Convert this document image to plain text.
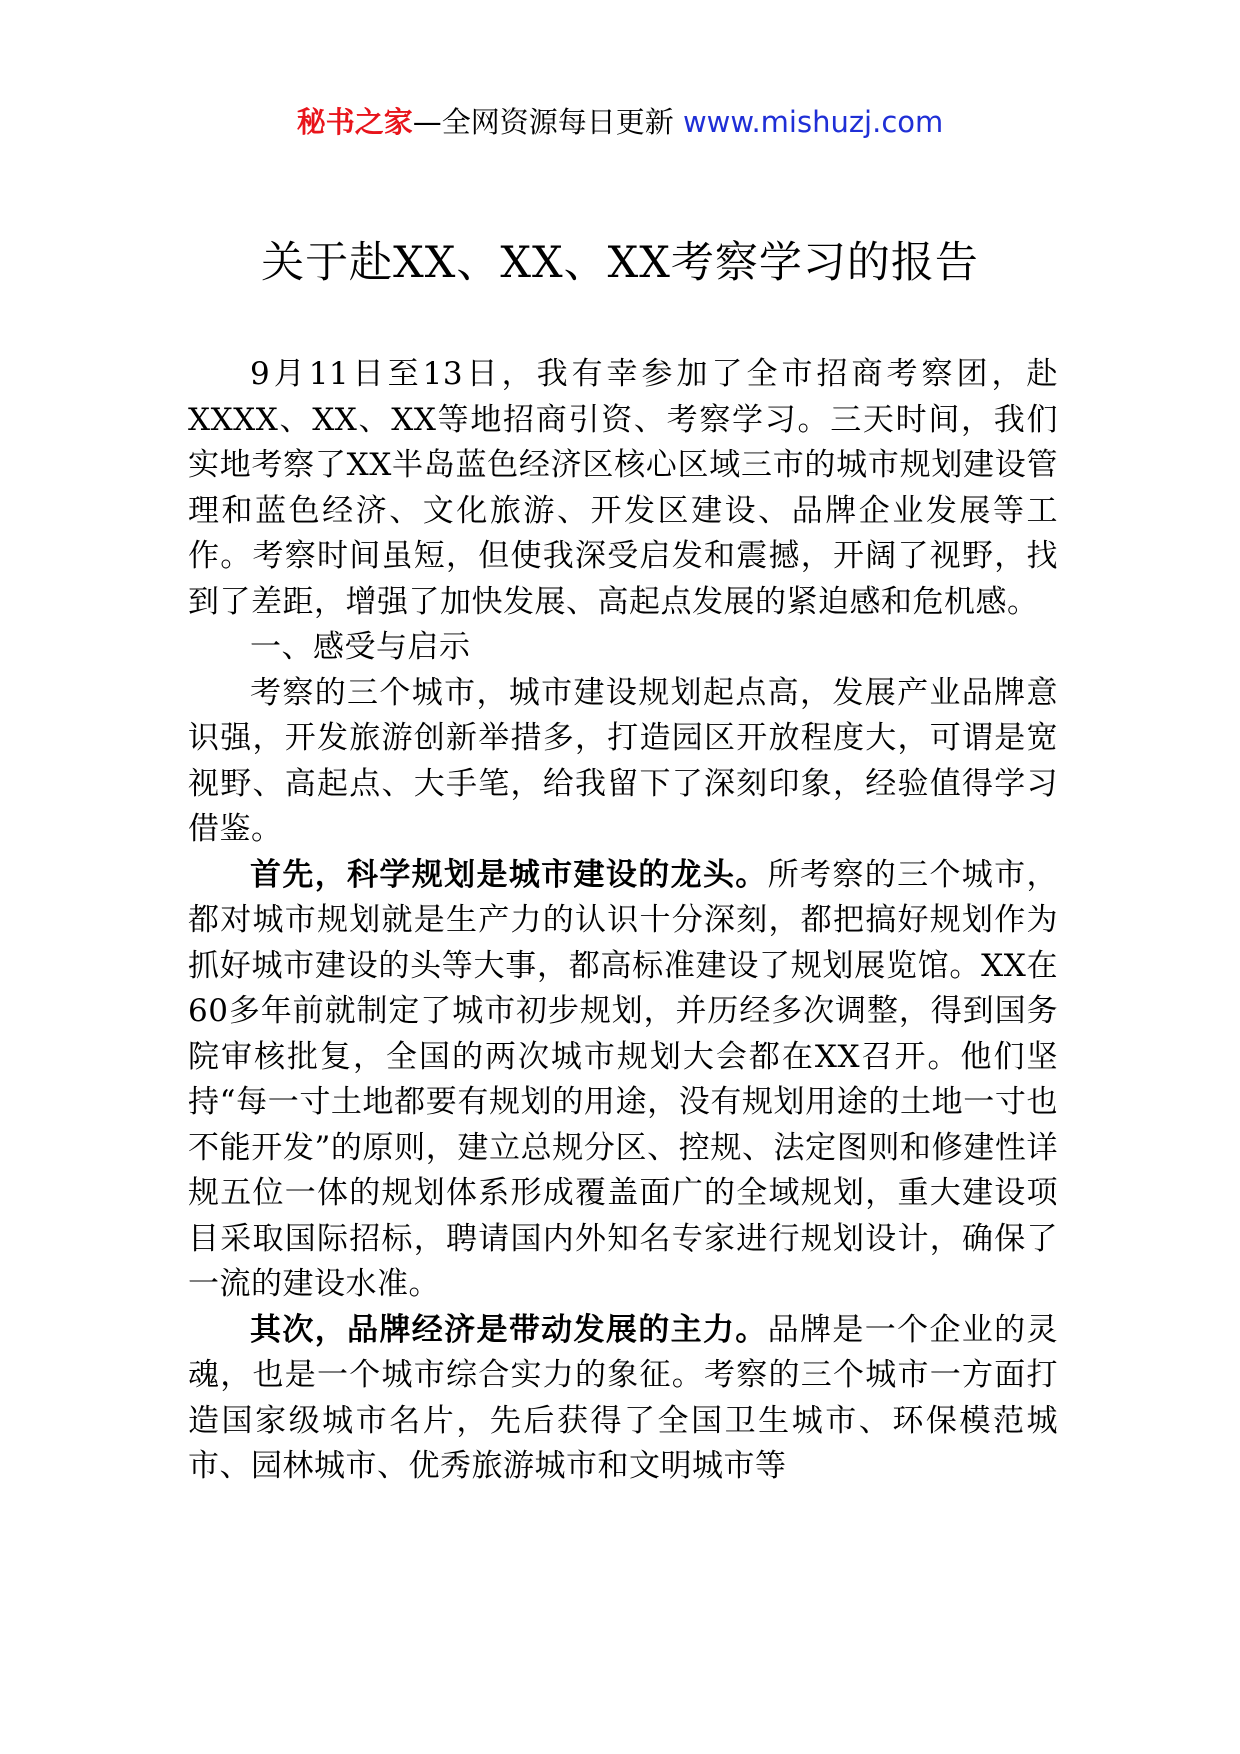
秘书之家—全网资源每日更新 www.mishuzj.com
关于赴XX、XX、XX考察学习的报告

9月11日至13日，我有幸参加了全市招商考察团，赴XXXX、XX、XX等地招商引资、考察学习。三天时间，我们实地考察了XX半岛蓝色经济区核心区域三市的城市规划建设管理和蓝色经济、文化旅游、开发区建设、品牌企业发展等工作。考察时间虽短，但使我深受启发和震撼，开阔了视野，找到了差距，增强了加快发展、高起点发展的紧迫感和危机感。

一、感受与启示

考察的三个城市，城市建设规划起点高，发展产业品牌意识强，开发旅游创新举措多，打造园区开放程度大，可谓是宽视野、高起点、大手笔，给我留下了深刻印象，经验值得学习借鉴。

首先，科学规划是城市建设的龙头。所考察的三个城市，都对城市规划就是生产力的认识十分深刻，都把搞好规划作为抓好城市建设的头等大事，都高标准建设了规划展览馆。XX在60多年前就制定了城市初步规划，并历经多次调整，得到国务院审核批复，全国的两次城市规划大会都在XX召开。他们坚持“每一寸土地都要有规划的用途，没有规划用途的土地一寸也不能开发”的原则，建立总规分区、控规、法定图则和修建性详规五位一体的规划体系形成覆盖面广的全域规划，重大建设项目采取国际招标，聘请国内外知名专家进行规划设计，确保了一流的建设水准。

其次，品牌经济是带动发展的主力。品牌是一个企业的灵魂，也是一个城市综合实力的象征。考察的三个城市一方面打造国家级城市名片，先后获得了全国卫生城市、环保模范城市、园林城市、优秀旅游城市和文明城市等
